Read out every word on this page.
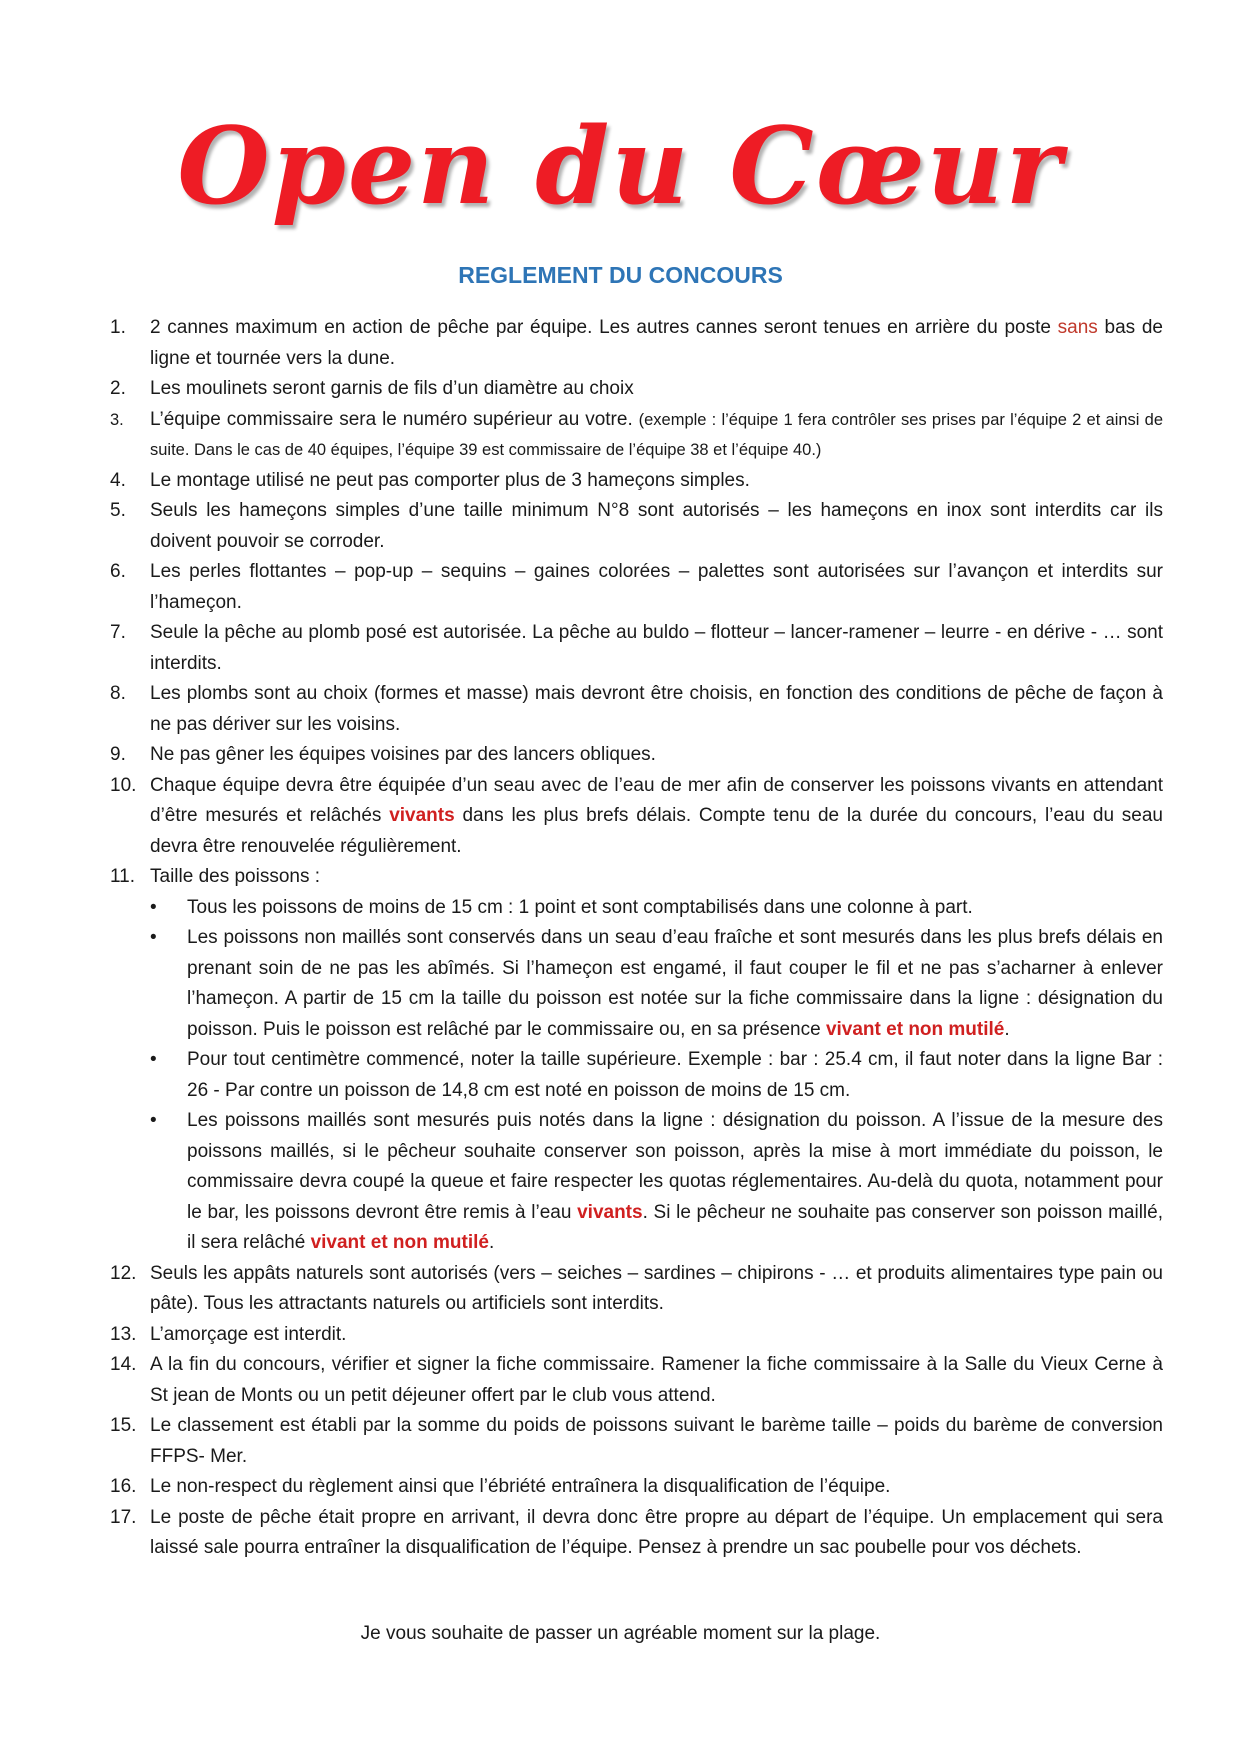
Open du Cœur
REGLEMENT DU CONCOURS
1.	2 cannes maximum en action de pêche par équipe. Les autres cannes seront tenues en arrière du poste sans bas de ligne et tournée vers la dune.
2.	Les moulinets seront garnis de fils d’un diamètre au choix
3.	L’équipe commissaire sera le numéro supérieur au votre. (exemple : l’équipe 1 fera contrôler ses prises par l’équipe 2 et ainsi de suite. Dans le cas de 40 équipes, l’équipe 39 est commissaire de l’équipe 38 et l’équipe 40.)
4.	Le montage utilisé ne peut pas comporter plus de 3 hameçons simples.
5.	Seuls les hameçons simples d’une taille minimum N°8 sont autorisés – les hameçons en inox sont interdits car ils doivent pouvoir se corroder.
6.	Les perles flottantes – pop-up – sequins – gaines colorées – palettes sont autorisées sur l’avançon et interdits sur l’hameçon.
7.	Seule la pêche au plomb posé est autorisée. La pêche au buldo – flotteur – lancer-ramener – leurre - en dérive - … sont interdits.
8.	Les plombs sont au choix (formes et masse) mais devront être choisis, en fonction des conditions de pêche de façon à ne pas dériver sur les voisins.
9.	Ne pas gêner les équipes voisines par des lancers obliques.
10. Chaque équipe devra être équipée d’un seau avec de l’eau de mer afin de conserver les poissons vivants en attendant d’être mesurés et relâchés vivants dans les plus brefs délais. Compte tenu de la durée du concours, l’eau du seau devra être renouvelée régulièrement.
11. Taille des poissons :
•	Tous les poissons de moins de 15 cm : 1 point et sont comptabilisés dans une colonne à part.
•	Les poissons non maillés sont conservés dans un seau d’eau fraîche et sont mesurés dans les plus brefs délais en prenant soin de ne pas les abîmés. Si l’hameçon est engamé, il faut couper le fil et ne pas s’acharner à enlever l’hameçon. A partir de 15 cm la taille du poisson est notée sur la fiche commissaire dans la ligne : désignation du poisson. Puis le poisson est relâché par le commissaire ou, en sa présence vivant et non mutilé.
•	Pour tout centimètre commencé, noter la taille supérieure. Exemple : bar : 25.4 cm, il faut noter dans la ligne Bar : 26 - Par contre un poisson de 14,8 cm est noté en poisson de moins de 15 cm.
•	Les poissons maillés sont mesurés puis notés dans la ligne : désignation du poisson. A l’issue de la mesure des poissons maillés, si le pêcheur souhaite conserver son poisson, après la mise à mort immédiate du poisson, le commissaire devra coupé la queue et faire respecter les quotas réglementaires. Au-delà du quota, notamment pour le bar, les poissons devront être remis à l’eau vivants. Si le pêcheur ne souhaite pas conserver son poisson maillé, il sera relâché vivant et non mutilé.
12. Seuls les appâts naturels sont autorisés (vers – seiches – sardines – chipirons - … et produits alimentaires type pain ou pâte). Tous les attractants naturels ou artificiels sont interdits.
13. L’amorçage est interdit.
14. A la fin du concours, vérifier et signer la fiche commissaire. Ramener la fiche commissaire à la Salle du Vieux Cerne à St jean de Monts ou un petit déjeuner offert par le club vous attend.
15. Le classement est établi par la somme du poids de poissons suivant le barème taille – poids du barème de conversion FFPS- Mer.
16. Le non-respect du règlement ainsi que l’ébriété entraînera la disqualification de l’équipe.
17. Le poste de pêche était propre en arrivant, il devra donc être propre au départ de l’équipe. Un emplacement qui sera laissé sale pourra entraîner la disqualification de l’équipe. Pensez à prendre un sac poubelle pour vos déchets.
Je vous souhaite de passer un agréable moment sur la plage.
